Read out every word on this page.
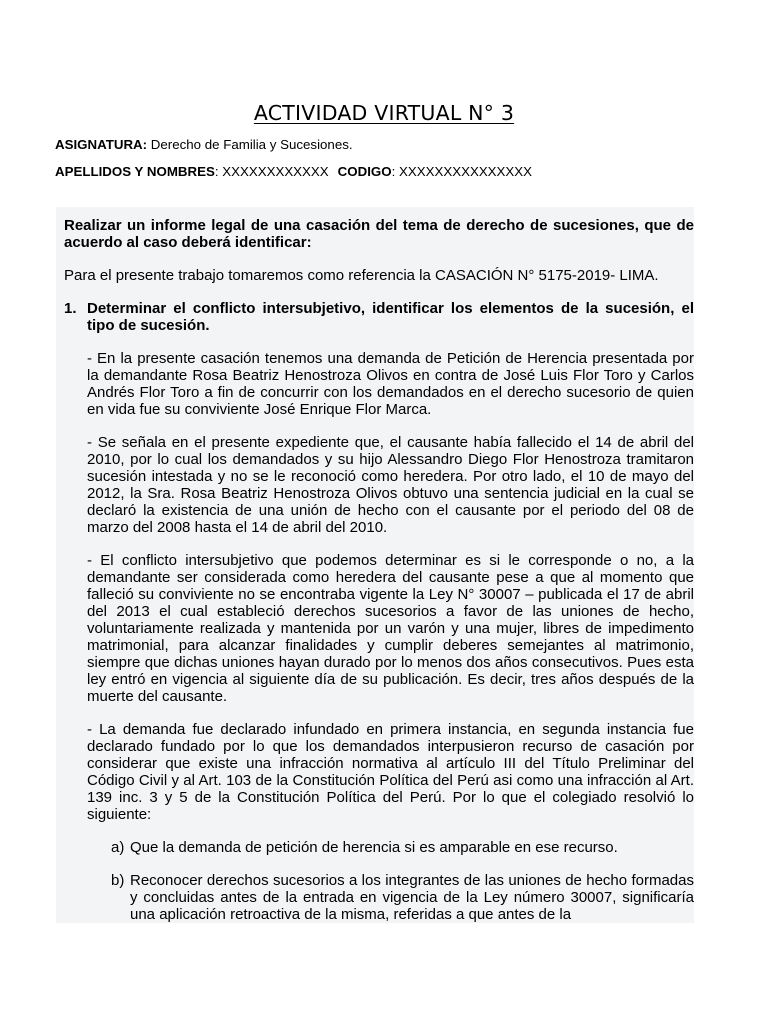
ACTIVIDAD VIRTUAL N° 3
ASIGNATURA: Derecho de Familia y Sucesiones.
APELLIDOS Y NOMBRES: XXXXXXXXXXXX CODIGO: XXXXXXXXXXXXXXX

Realizar un informe legal de una casación del tema de derecho de sucesiones, que de acuerdo al caso deberá identificar:

Para el presente trabajo tomaremos como referencia la CASACIÓN N° 5175-2019- LIMA.

1. Determinar el conflicto intersubjetivo, identificar los elementos de la sucesión, el tipo de sucesión.

- En la presente casación tenemos una demanda de Petición de Herencia presentada por la demandante Rosa Beatriz Henostroza Olivos en contra de José Luis Flor Toro y Carlos Andrés Flor Toro a fin de concurrir con los demandados en el derecho sucesorio de quien en vida fue su conviviente José Enrique Flor Marca.

- Se señala en el presente expediente que, el causante había fallecido el 14 de abril del 2010, por lo cual los demandados y su hijo Alessandro Diego Flor Henostroza tramitaron sucesión intestada y no se le reconoció como heredera. Por otro lado, el 10 de mayo del 2012, la Sra. Rosa Beatriz Henostroza Olivos obtuvo una sentencia judicial en la cual se declaró la existencia de una unión de hecho con el causante por el periodo del 08 de marzo del 2008 hasta el 14 de abril del 2010.

- El conflicto intersubjetivo que podemos determinar es si le corresponde o no, a la demandante ser considerada como heredera del causante pese a que al momento que falleció su conviviente no se encontraba vigente la Ley N° 30007 – publicada el 17 de abril del 2013 el cual estableció derechos sucesorios a favor de las uniones de hecho, voluntariamente realizada y mantenida por un varón y una mujer, libres de impedimento matrimonial, para alcanzar finalidades y cumplir deberes semejantes al matrimonio, siempre que dichas uniones hayan durado por lo menos dos años consecutivos. Pues esta ley entró en vigencia al siguiente día de su publicación. Es decir, tres años después de la muerte del causante.

- La demanda fue declarado infundado en primera instancia, en segunda instancia fue declarado fundado por lo que los demandados interpusieron recurso de casación por considerar que existe una infracción normativa al artículo III del Título Preliminar del Código Civil y al Art. 103 de la Constitución Política del Perú asi como una infracción al Art. 139 inc. 3 y 5 de la Constitución Política del Perú. Por lo que el colegiado resolvió lo siguiente:

a) Que la demanda de petición de herencia si es amparable en ese recurso.
b) Reconocer derechos sucesorios a los integrantes de las uniones de hecho formadas y concluidas antes de la entrada en vigencia de la Ley número 30007, significaría una aplicación retroactiva de la misma, referidas a que antes de la
